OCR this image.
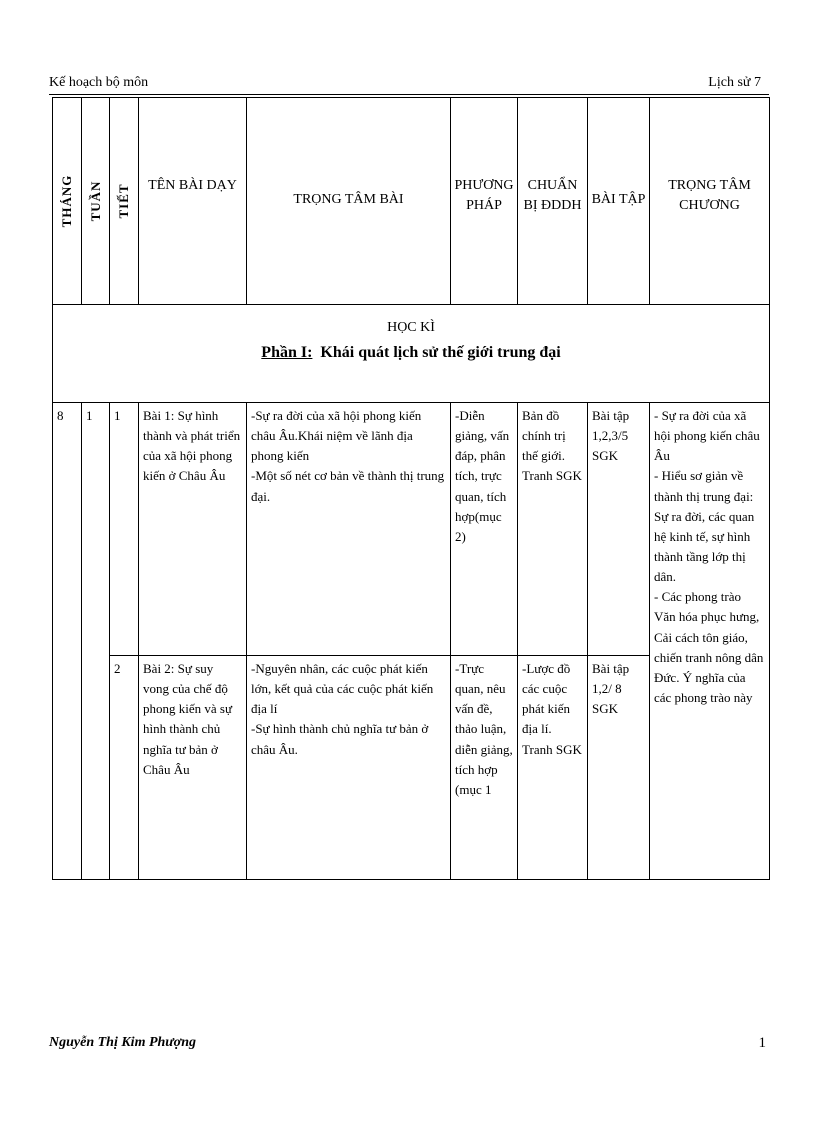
Kế hoạch bộ môn	Lịch sử 7
THÁNG	TUẦN	TIẾT	TÊN BÀI DẠY	TRỌNG TÂM BÀI	PHƯƠNG PHÁP	CHUẨN BỊ ĐDDH	BÀI TẬP	TRỌNG TÂM CHƯƠNG

HỌC KÌ
Phần I: Khái quát lịch sử thế giới trung đại								

8	1	1	Bài 1: Sự hình thành và phát triển của xã hội phong kiến ở Châu Âu	-Sự ra đời của xã hội phong kiến châu Âu.Khái niệm về lãnh địa phong kiến
-Một số nét cơ bản về thành thị trung đại.	-Diễn giảng, vấn đáp, phân tích, trực quan, tích hợp(mục 2)	Bản đồ chính trị thế giới. Tranh SGK	Bài tập 1,2,3/5 SGK	- Sự ra đời của xã hội phong kiến châu Âu
- Hiểu sơ giản về thành thị trung đại: Sự ra đời, các quan hệ kinh tế, sự hình thành tầng lớp thị dân.
- Các phong trào Văn hóa phục hưng, Cải cách tôn giáo, chiến tranh nông dân Đức. Ý nghĩa của các phong trào này
		2	Bài 2: Sự suy vong của chế độ phong kiến và sự hình thành chủ nghĩa tư bản ở Châu Âu	-Nguyên nhân, các cuộc phát kiến lớn, kết quả của các cuộc phát kiến địa lí
-Sự hình thành chủ nghĩa tư bản ở châu Âu.	-Trực quan, nêu vấn đề, thảo luận, diễn giảng, tích hợp (mục 1	-Lược đồ các cuộc phát kiến địa lí. Tranh SGK	Bài tập 1,2/ 8 SGK	
Nguyễn Thị Kim Phượng	1
